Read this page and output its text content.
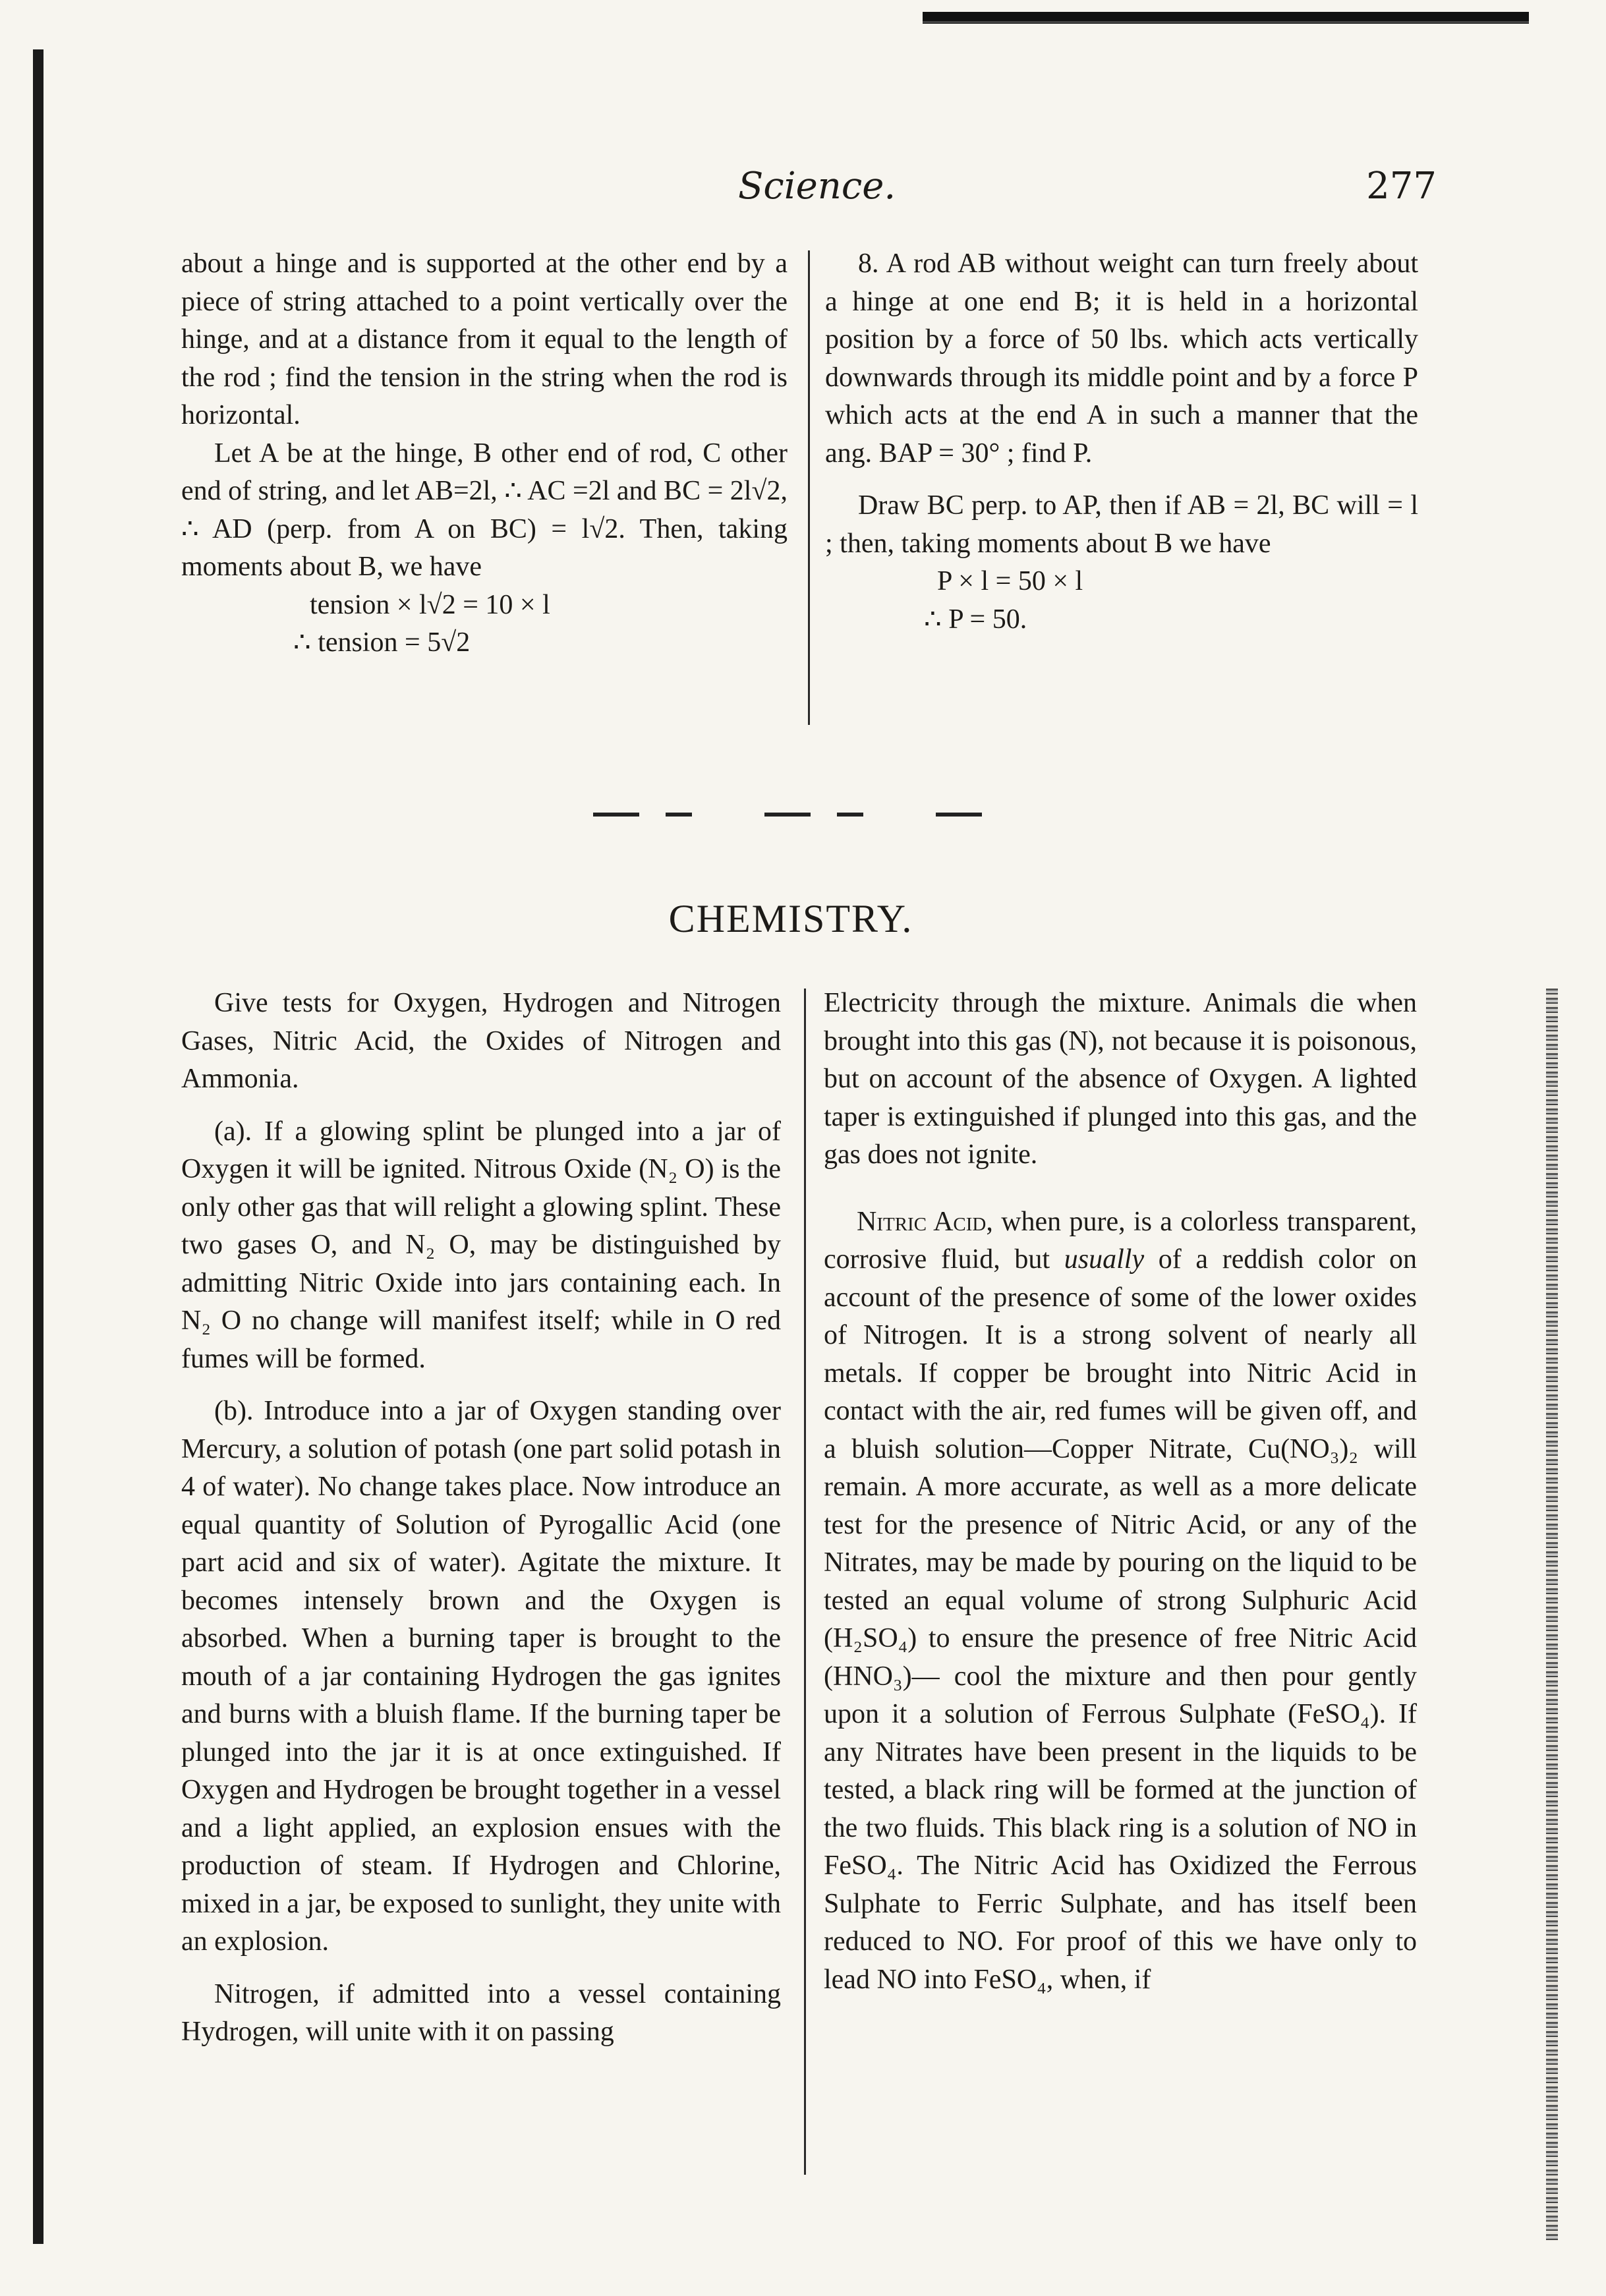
Science.	277

about a hinge and is supported at the other end by a piece of string attached to a point vertically over the hinge, and at a distance from it equal to the length of the rod ; find the tension in the string when the rod is horizontal.

Let A be at the hinge, B other end of rod, C other end of string, and let AB=2l, ∴ AC =2l and BC = 2l√2, ∴ AD (perp. from A on BC) = l√2. Then, taking moments about B, we have

tension × l√2 = 10 × l
∴ tension = 5√2

8. A rod AB without weight can turn freely about a hinge at one end B; it is held in a horizontal position by a force of 50 lbs. which acts vertically downwards through its middle point and by a force P which acts at the end A in such a manner that the ang. BAP = 30° ; find P.

Draw BC perp. to AP, then if AB = 2l, BC will = l ; then, taking moments about B we have

P × l = 50 × l
∴ P = 50.
CHEMISTRY.

Give tests for Oxygen, Hydrogen and Nitrogen Gases, Nitric Acid, the Oxides of Nitrogen and Ammonia.

(a). If a glowing splint be plunged into a jar of Oxygen it will be ignited. Nitrous Oxide (N₂ O) is the only other gas that will relight a glowing splint. These two gases O, and N₂ O, may be distinguished by admitting Nitric Oxide into jars containing each. In N₂ O no change will manifest itself; while in O red fumes will be formed.

(b). Introduce into a jar of Oxygen standing over Mercury, a solution of potash (one part solid potash in 4 of water). No change takes place. Now introduce an equal quantity of Solution of Pyrogallic Acid (one part acid and six of water). Agitate the mixture. It becomes intensely brown and the Oxygen is absorbed. When a burning taper is brought to the mouth of a jar containing Hydrogen the gas ignites and burns with a bluish flame. If the burning taper be plunged into the jar it is at once extinguished. If Oxygen and Hydrogen be brought together in a vessel and a light applied, an explosion ensues with the production of steam. If Hydrogen and Chlorine, mixed in a jar, be exposed to sunlight, they unite with an explosion.

Nitrogen, if admitted into a vessel containing Hydrogen, will unite with it on passing

Electricity through the mixture. Animals die when brought into this gas (N), not because it is poisonous, but on account of the absence of Oxygen. A lighted taper is extinguished if plunged into this gas, and the gas does not ignite.

Nitric Acid, when pure, is a colorless transparent, corrosive fluid, but usually of a reddish color on account of the presence of some of the lower oxides of Nitrogen. It is a strong solvent of nearly all metals. If copper be brought into Nitric Acid in contact with the air, red fumes will be given off, and a bluish solution—Copper Nitrate, Cu(NO₃)₂ will remain. A more accurate, as well as a more delicate test for the presence of Nitric Acid, or any of the Nitrates, may be made by pouring on the liquid to be tested an equal volume of strong Sulphuric Acid (H₂SO₄) to ensure the presence of free Nitric Acid (HNO₃)— cool the mixture and then pour gently upon it a solution of Ferrous Sulphate (FeSO₄). If any Nitrates have been present in the liquids to be tested, a black ring will be formed at the junction of the two fluids. This black ring is a solution of NO in FeSO₄. The Nitric Acid has Oxidized the Ferrous Sulphate to Ferric Sulphate, and has itself been reduced to NO. For proof of this we have only to lead NO into FeSO₄, when, if
